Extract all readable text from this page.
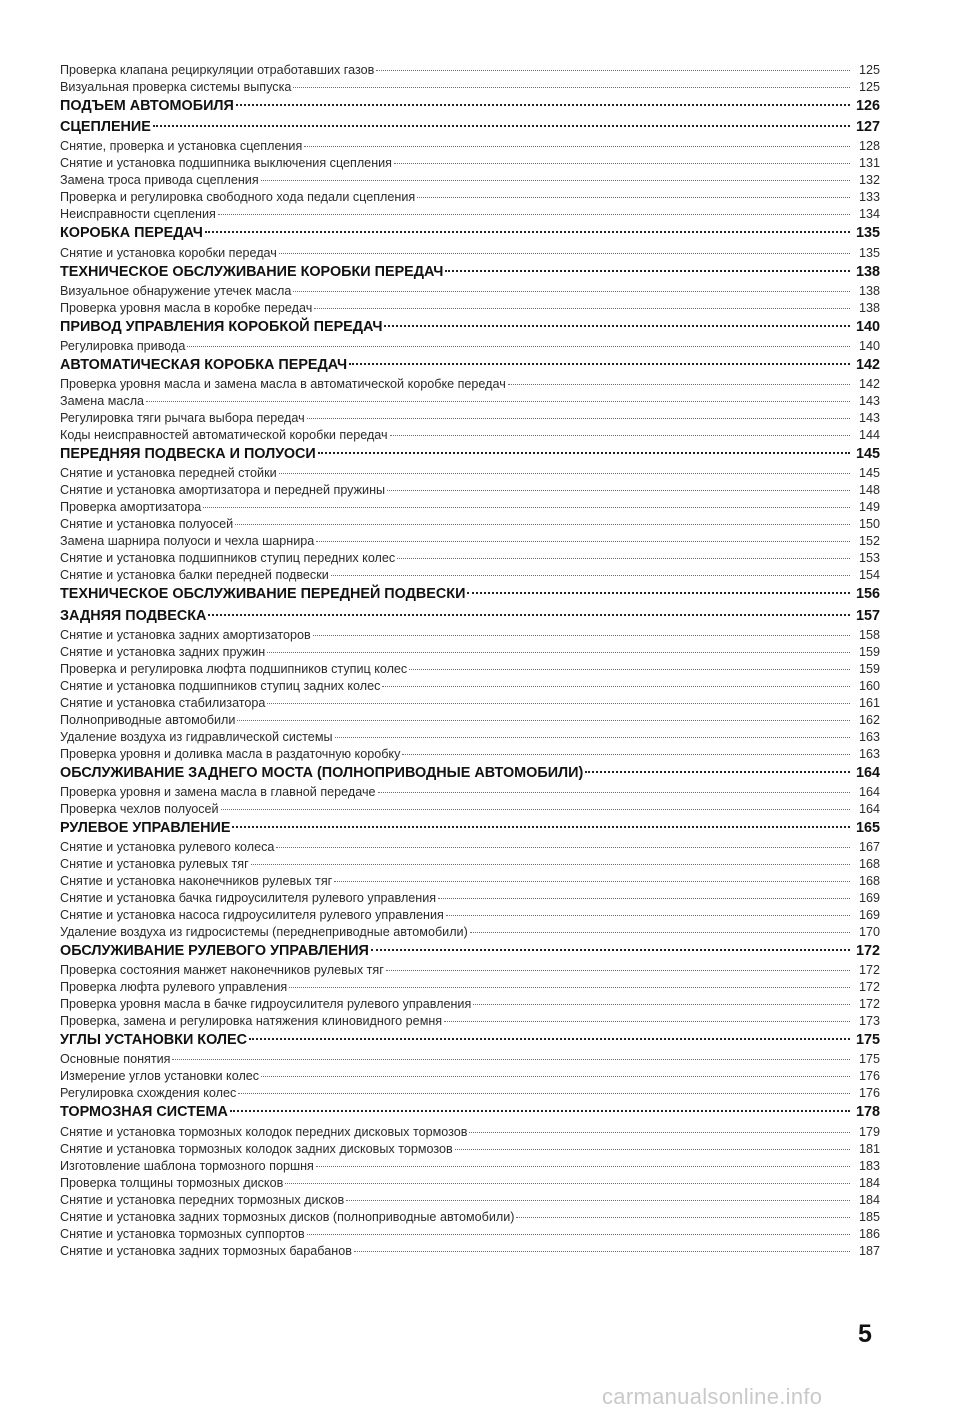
Проверка клапана рециркуляции отработавших газов	125
Визуальная проверка системы выпуска	125
ПОДЪЕМ АВТОМОБИЛЯ	126
СЦЕПЛЕНИЕ	127
Снятие, проверка и установка сцепления	128
Снятие и установка подшипника выключения сцепления	131
Замена троса привода сцепления	132
Проверка и регулировка свободного хода педали сцепления	133
Неисправности сцепления	134
КОРОБКА ПЕРЕДАЧ	135
Снятие и установка коробки передач	135
ТЕХНИЧЕСКОЕ ОБСЛУЖИВАНИЕ КОРОБКИ ПЕРЕДАЧ	138
Визуальное обнаружение утечек масла	138
Проверка уровня масла в коробке передач	138
ПРИВОД УПРАВЛЕНИЯ КОРОБКОЙ ПЕРЕДАЧ	140
Регулировка привода	140
АВТОМАТИЧЕСКАЯ КОРОБКА ПЕРЕДАЧ	142
Проверка уровня масла и замена масла в автоматической коробке передач	142
Замена масла	143
Регулировка тяги рычага выбора передач	143
Коды неисправностей автоматической коробки передач	144
ПЕРЕДНЯЯ ПОДВЕСКА И ПОЛУОСИ	145
Снятие и установка передней стойки	145
Снятие и установка амортизатора и передней пружины	148
Проверка амортизатора	149
Снятие и установка полуосей	150
Замена шарнира полуоси и чехла шарнира	152
Снятие и установка подшипников ступиц передних колес	153
Снятие и установка балки передней подвески	154
ТЕХНИЧЕСКОЕ ОБСЛУЖИВАНИЕ ПЕРЕДНЕЙ ПОДВЕСКИ	156
ЗАДНЯЯ ПОДВЕСКА	157
Снятие и установка задних амортизаторов	158
Снятие и установка задних пружин	159
Проверка и регулировка люфта подшипников ступиц колес	159
Снятие и установка подшипников ступиц задних колес	160
Снятие и установка стабилизатора	161
Полноприводные автомобили	162
Удаление воздуха из гидравлической системы	163
Проверка уровня и доливка масла в раздаточную коробку	163
ОБСЛУЖИВАНИЕ ЗАДНЕГО МОСТА (ПОЛНОПРИВОДНЫЕ АВТОМОБИЛИ)	164
Проверка уровня и замена масла в главной передаче	164
Проверка чехлов полуосей	164
РУЛЕВОЕ УПРАВЛЕНИЕ	165
Снятие и установка рулевого колеса	167
Снятие и установка рулевых тяг	168
Снятие и установка наконечников рулевых тяг	168
Снятие и установка бачка гидроусилителя рулевого управления	169
Снятие и установка насоса гидроусилителя рулевого управления	169
Удаление воздуха из гидросистемы (переднеприводные автомобили)	170
ОБСЛУЖИВАНИЕ РУЛЕВОГО УПРАВЛЕНИЯ	172
Проверка состояния манжет наконечников рулевых тяг	172
Проверка люфта рулевого управления	172
Проверка уровня масла в бачке гидроусилителя рулевого управления	172
Проверка, замена и регулировка натяжения клиновидного ремня	173
УГЛЫ УСТАНОВКИ КОЛЕС	175
Основные понятия	175
Измерение углов установки колес	176
Регулировка схождения колес	176
ТОРМОЗНАЯ СИСТЕМА	178
Снятие и установка тормозных колодок передних дисковых тормозов	179
Снятие и установка тормозных колодок задних дисковых тормозов	181
Изготовление шаблона тормозного поршня	183
Проверка толщины тормозных дисков	184
Снятие и установка передних тормозных дисков	184
Снятие и установка задних тормозных дисков (полноприводные автомобили)	185
Снятие и установка тормозных суппортов	186
Снятие и установка задних тормозных барабанов	187
5
carmanualsonline.info
